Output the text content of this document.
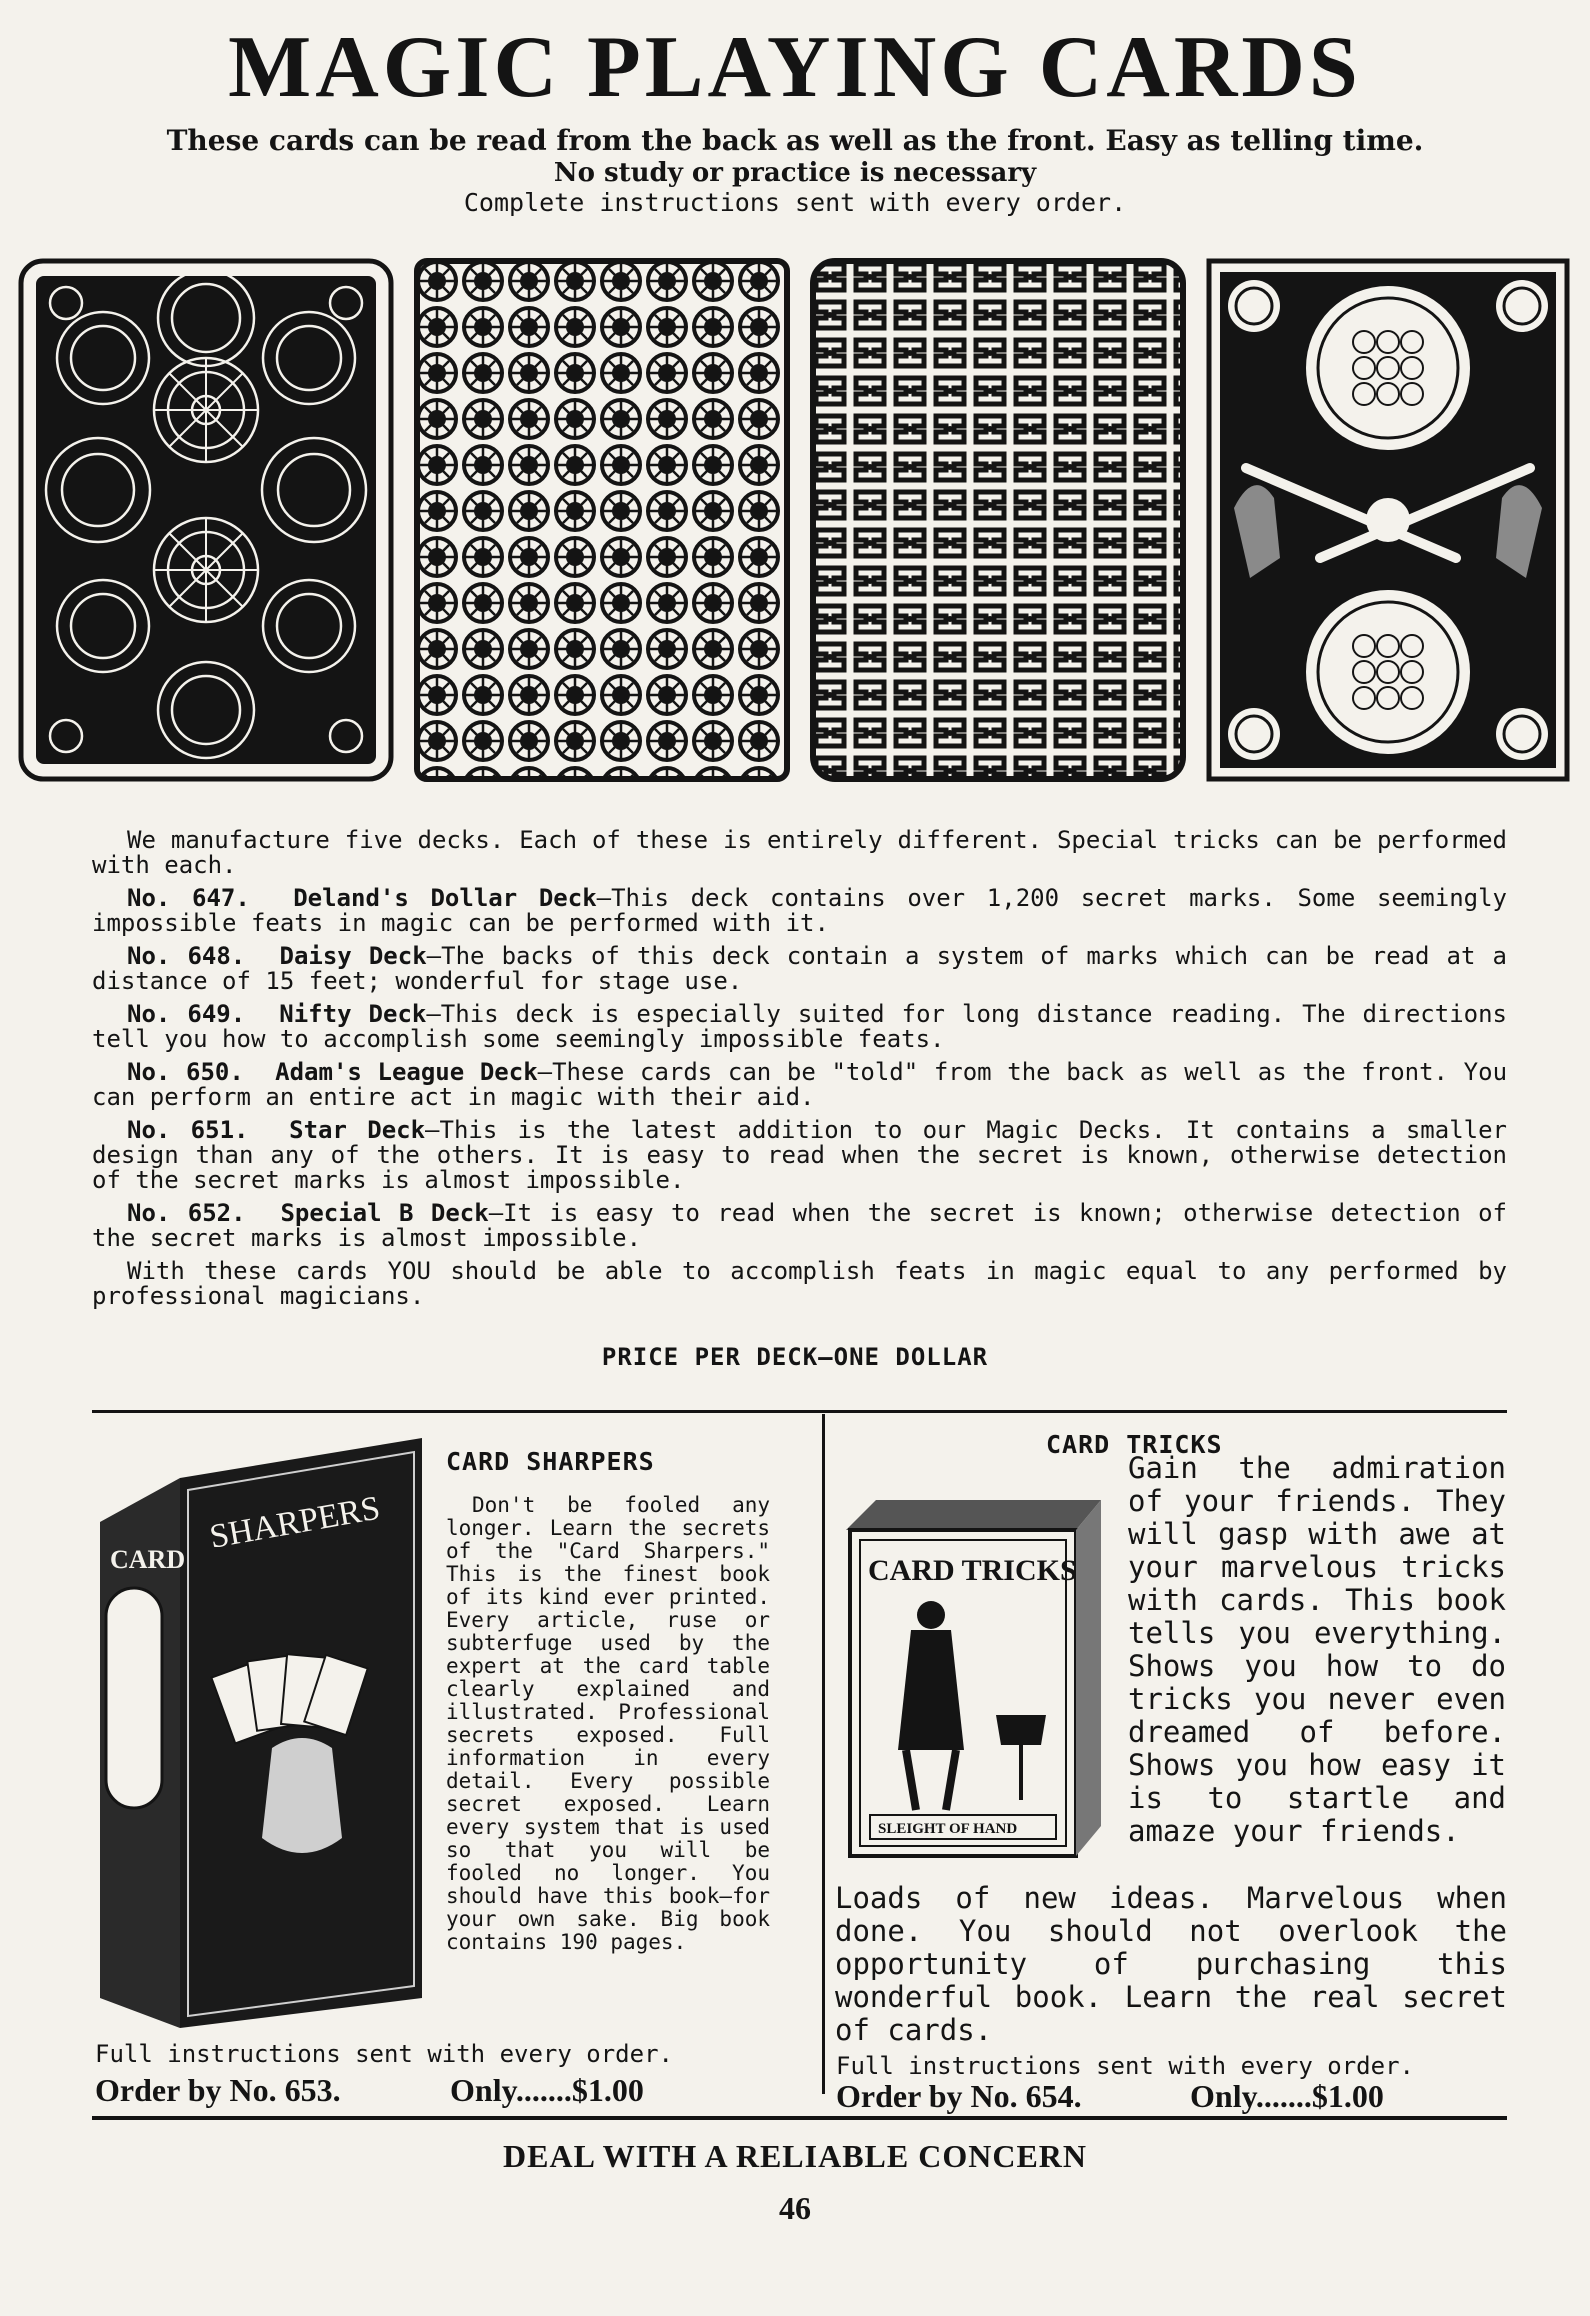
MAGIC PLAYING CARDS
These cards can be read from the back as well as the front. Easy as telling time.
No study or practice is necessary
Complete instructions sent with every order.

We manufacture five decks. Each of these is entirely different. Special tricks can be performed with each.

No. 647. Deland's Dollar Deck—This deck contains over 1,200 secret marks. Some seemingly impossible feats in magic can be performed with it.

No. 648. Daisy Deck—The backs of this deck contain a system of marks which can be read at a distance of 15 feet; wonderful for stage use.

No. 649. Nifty Deck—This deck is especially suited for long distance reading. The directions tell you how to accomplish some seemingly impossible feats.

No. 650. Adam's League Deck—These cards can be "told" from the back as well as the front. You can perform an entire act in magic with their aid.

No. 651. Star Deck—This is the latest addition to our Magic Decks. It contains a smaller design than any of the others. It is easy to read when the secret is known, otherwise detection of the secret marks is almost impossible.

No. 652. Special B Deck—It is easy to read when the secret is known; otherwise detection of the secret marks is almost impossible.

With these cards YOU should be able to accomplish feats in magic equal to any performed by professional magicians.

PRICE PER DECK—ONE DOLLAR
CARD
SHARPERS
CARD SHARPERS

Don't be fooled any longer. Learn the secrets of the "Card Sharpers." This is the finest book of its kind ever printed. Every article, ruse or subterfuge used by the expert at the card table clearly explained and illustrated. Professional secrets exposed. Full information in every detail. Every possible secret exposed. Learn every system that is used so that you will be fooled no longer. You should have this book—for your own sake. Big book contains 190 pages.

Full instructions sent with every order.
Order by No. 653.	Only.......$1.00
CARD TRICKS
CARD TRICKS
SLEIGHT OF HAND

Gain the admiration of your friends. They will gasp with awe at your marvelous tricks with cards. This book tells you everything. Shows you how to do tricks you never even dreamed of before. Shows you how easy it is to startle and amaze your friends.

Loads of new ideas. Marvelous when done. You should not overlook the opportunity of purchasing this wonderful book. Learn the real secret of cards.

Full instructions sent with every order.
Order by No. 654.	Only.......$1.00
DEAL WITH A RELIABLE CONCERN
46
